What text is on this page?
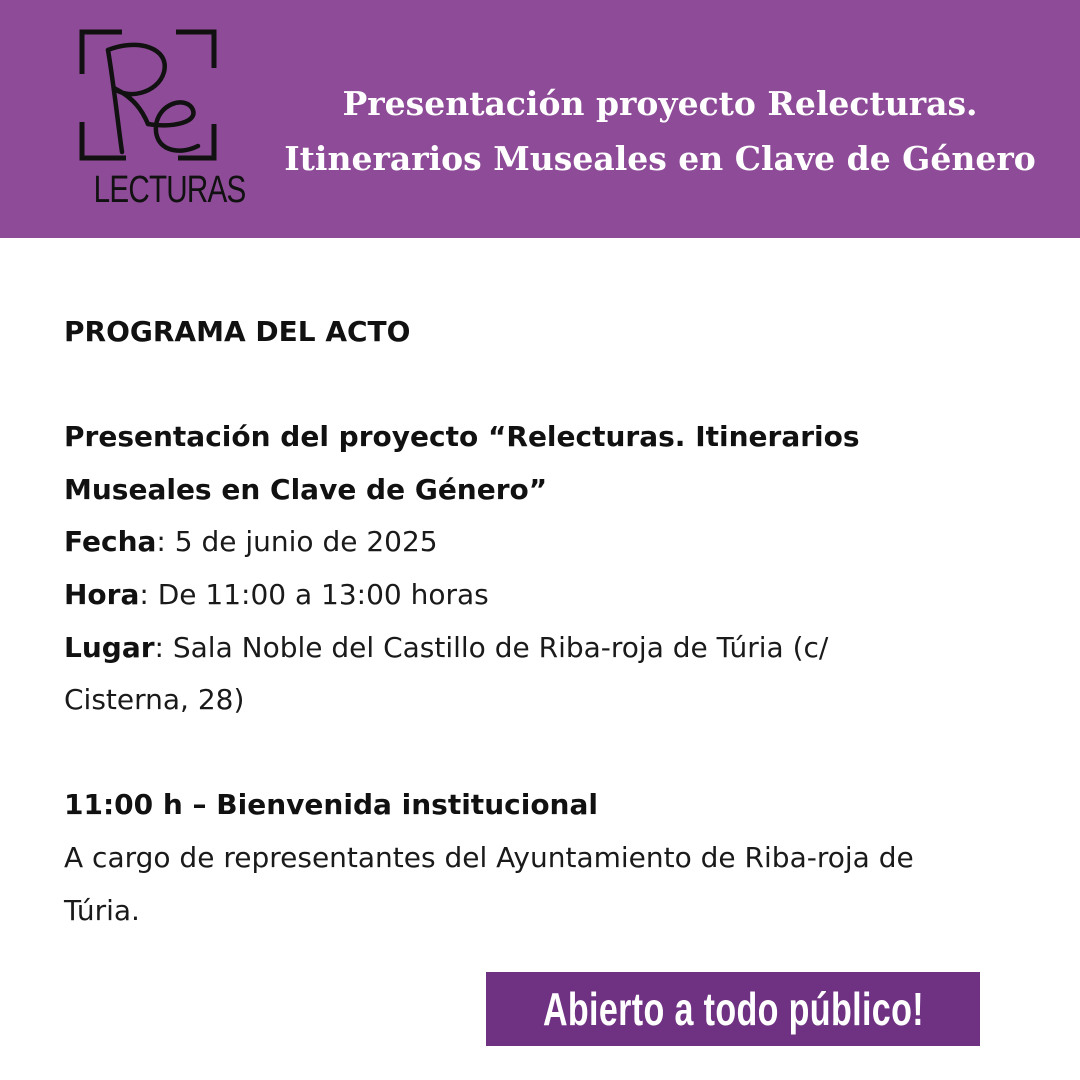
LECTURAS
Presentación proyecto Relecturas.
Itinerarios Museales en Clave de Género

PROGRAMA DEL ACTO

Presentación del proyecto “Relecturas. Itinerarios

Museales en Clave de Género”

Fecha: 5 de junio de 2025

Hora: De 11:00 a 13:00 horas

Lugar: Sala Noble del Castillo de Riba-roja de Túria (c/

Cisterna, 28)

11:00 h – Bienvenida institucional

A cargo de representantes del Ayuntamiento de Riba-roja de

Túria.

Abierto a todo público!
